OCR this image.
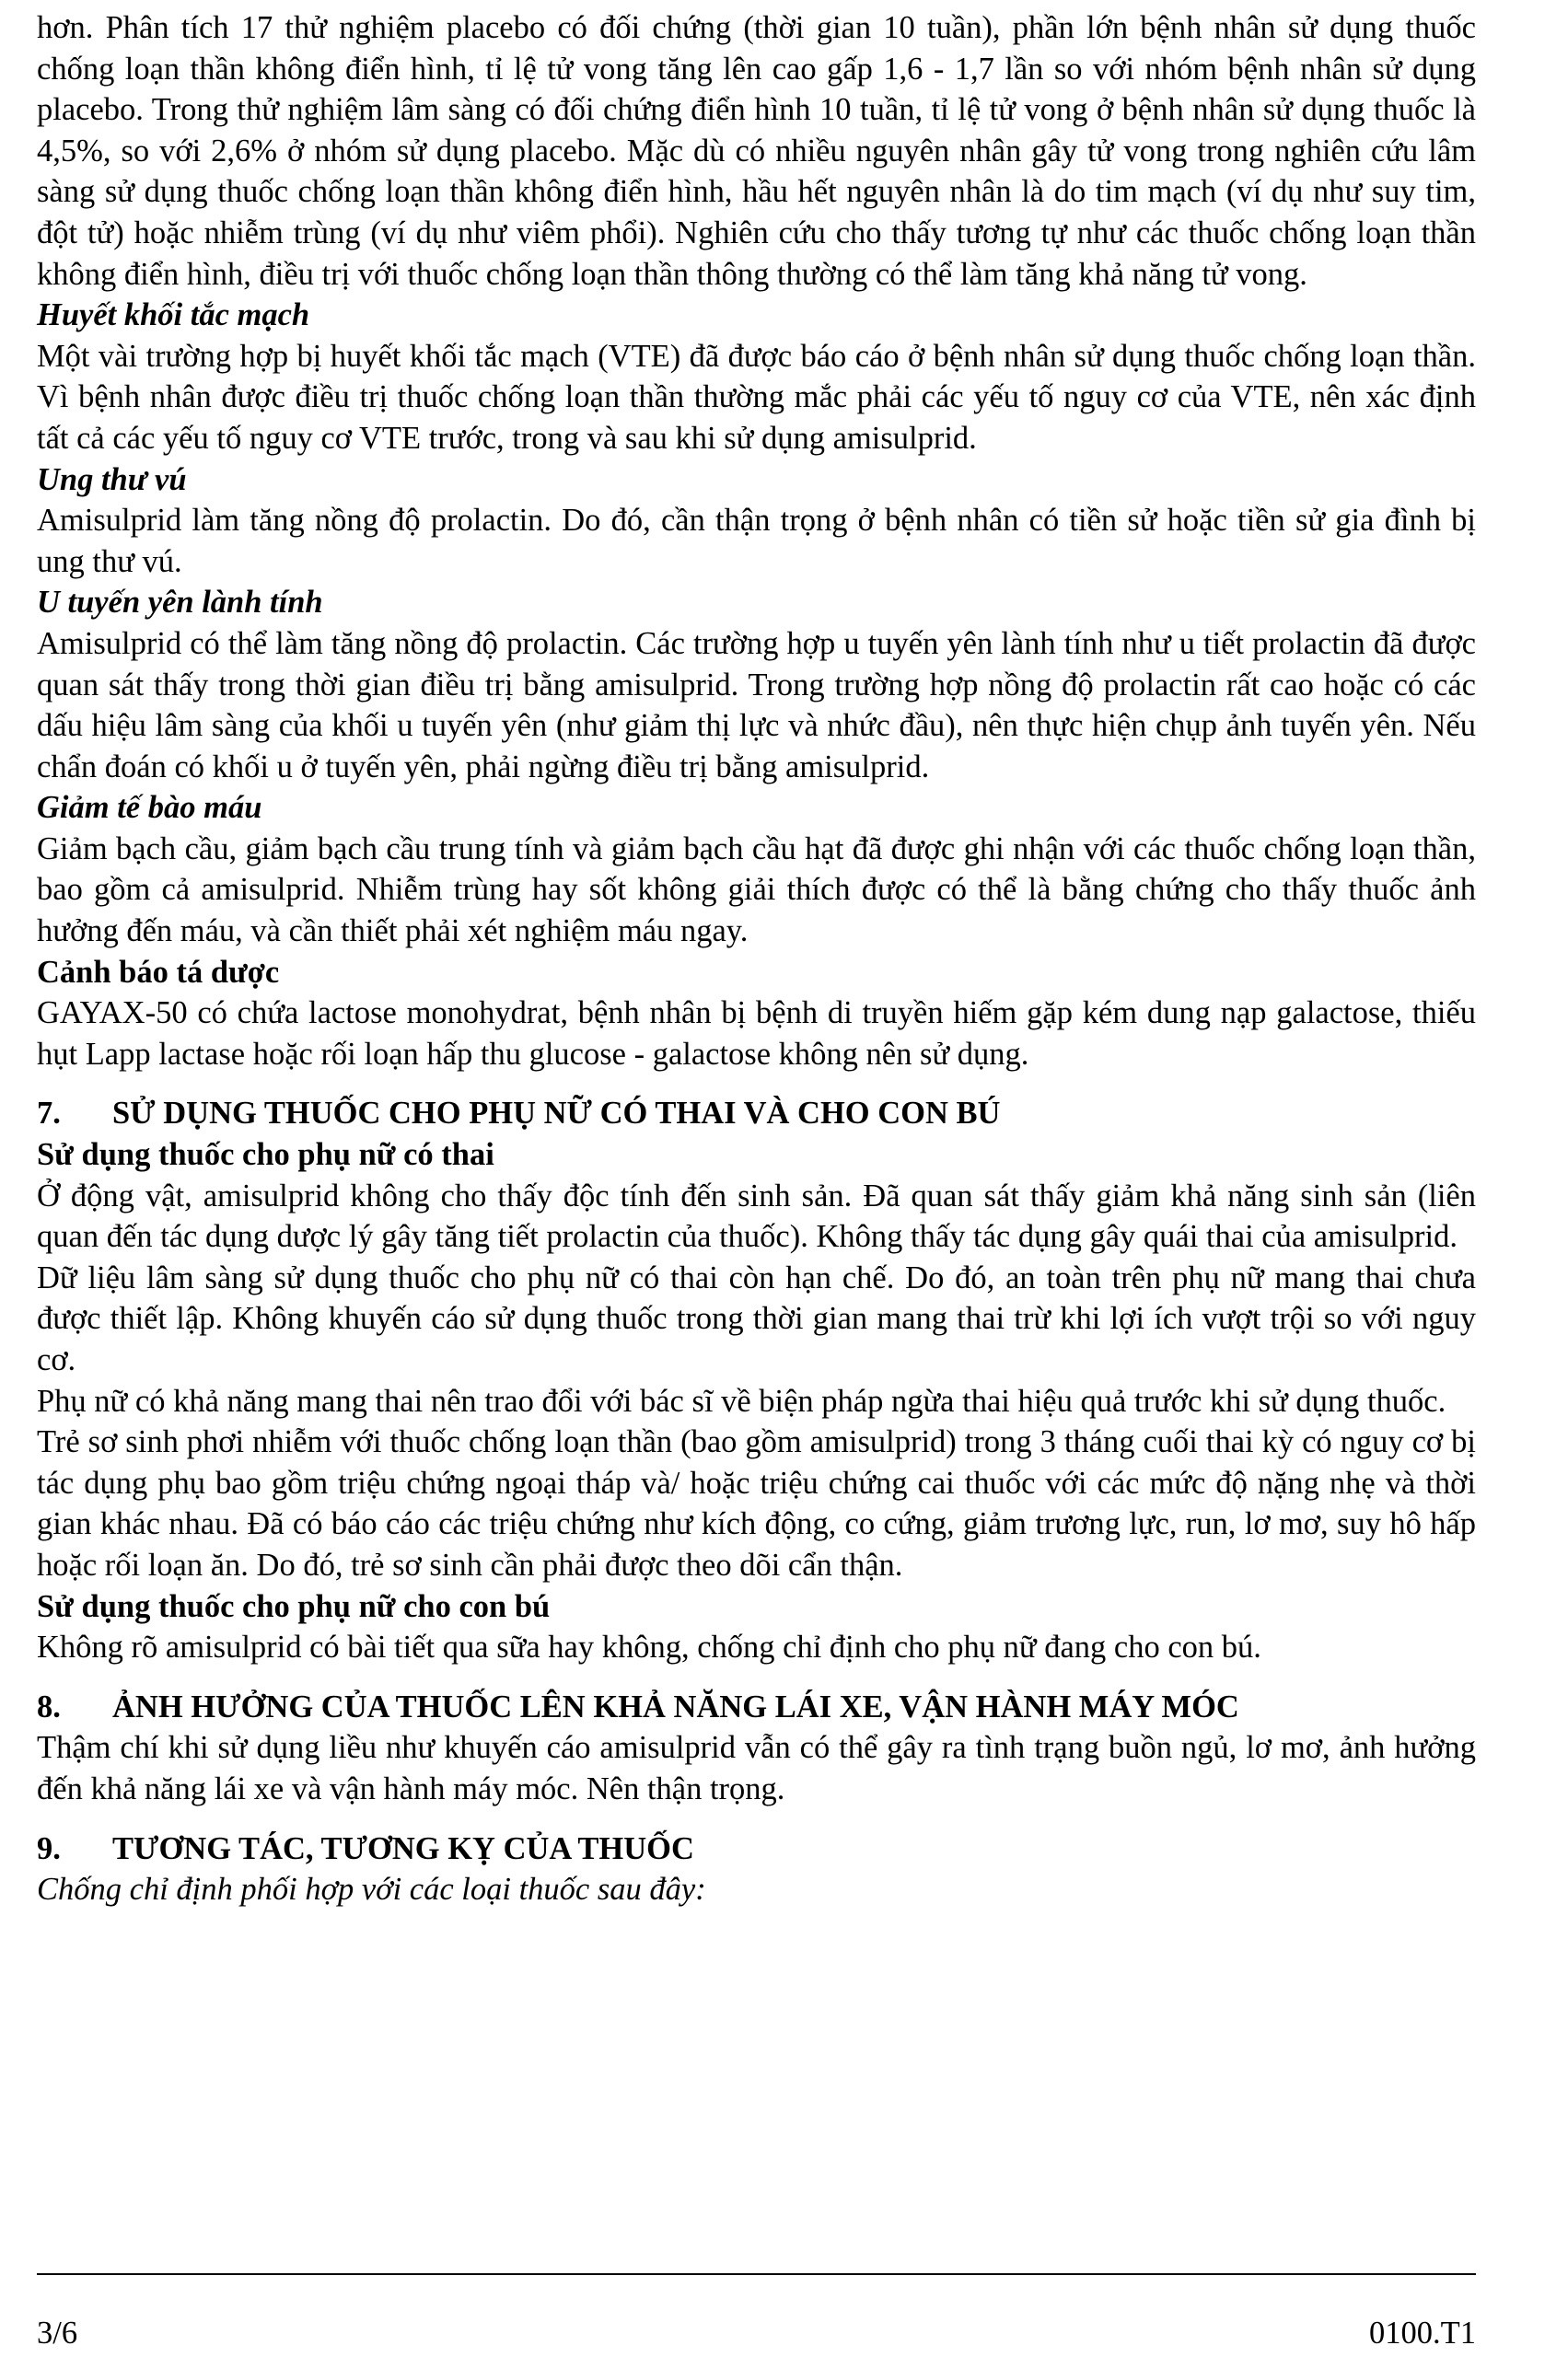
hơn. Phân tích 17 thử nghiệm placebo có đối chứng (thời gian 10 tuần), phần lớn bệnh nhân sử dụng thuốc chống loạn thần không điển hình, tỉ lệ tử vong tăng lên cao gấp 1,6 - 1,7 lần so với nhóm bệnh nhân sử dụng placebo. Trong thử nghiệm lâm sàng có đối chứng điển hình 10 tuần, tỉ lệ tử vong ở bệnh nhân sử dụng thuốc là 4,5%, so với 2,6% ở nhóm sử dụng placebo. Mặc dù có nhiều nguyên nhân gây tử vong trong nghiên cứu lâm sàng sử dụng thuốc chống loạn thần không điển hình, hầu hết nguyên nhân là do tim mạch (ví dụ như suy tim, đột tử) hoặc nhiễm trùng (ví dụ như viêm phổi). Nghiên cứu cho thấy tương tự như các thuốc chống loạn thần không điển hình, điều trị với thuốc chống loạn thần thông thường có thể làm tăng khả năng tử vong.

Huyết khối tắc mạch

Một vài trường hợp bị huyết khối tắc mạch (VTE) đã được báo cáo ở bệnh nhân sử dụng thuốc chống loạn thần. Vì bệnh nhân được điều trị thuốc chống loạn thần thường mắc phải các yếu tố nguy cơ của VTE, nên xác định tất cả các yếu tố nguy cơ VTE trước, trong và sau khi sử dụng amisulprid.

Ung thư vú

Amisulprid làm tăng nồng độ prolactin. Do đó, cần thận trọng ở bệnh nhân có tiền sử hoặc tiền sử gia đình bị ung thư vú.

U tuyến yên lành tính

Amisulprid có thể làm tăng nồng độ prolactin. Các trường hợp u tuyến yên lành tính như u tiết prolactin đã được quan sát thấy trong thời gian điều trị bằng amisulprid. Trong trường hợp nồng độ prolactin rất cao hoặc có các dấu hiệu lâm sàng của khối u tuyến yên (như giảm thị lực và nhức đầu), nên thực hiện chụp ảnh tuyến yên. Nếu chẩn đoán có khối u ở tuyến yên, phải ngừng điều trị bằng amisulprid.

Giảm tế bào máu

Giảm bạch cầu, giảm bạch cầu trung tính và giảm bạch cầu hạt đã được ghi nhận với các thuốc chống loạn thần, bao gồm cả amisulprid. Nhiễm trùng hay sốt không giải thích được có thể là bằng chứng cho thấy thuốc ảnh hưởng đến máu, và cần thiết phải xét nghiệm máu ngay.

Cảnh báo tá dược

GAYAX-50 có chứa lactose monohydrat, bệnh nhân bị bệnh di truyền hiếm gặp kém dung nạp galactose, thiếu hụt Lapp lactase hoặc rối loạn hấp thu glucose - galactose không nên sử dụng.

7.	SỬ DỤNG THUỐC CHO PHỤ NỮ CÓ THAI VÀ CHO CON BÚ

Sử dụng thuốc cho phụ nữ có thai

Ở động vật, amisulprid không cho thấy độc tính đến sinh sản. Đã quan sát thấy giảm khả năng sinh sản (liên quan đến tác dụng dược lý gây tăng tiết prolactin của thuốc). Không thấy tác dụng gây quái thai của amisulprid.

Dữ liệu lâm sàng sử dụng thuốc cho phụ nữ có thai còn hạn chế. Do đó, an toàn trên phụ nữ mang thai chưa được thiết lập. Không khuyến cáo sử dụng thuốc trong thời gian mang thai trừ khi lợi ích vượt trội so với nguy cơ.

Phụ nữ có khả năng mang thai nên trao đổi với bác sĩ về biện pháp ngừa thai hiệu quả trước khi sử dụng thuốc.

Trẻ sơ sinh phơi nhiễm với thuốc chống loạn thần (bao gồm amisulprid) trong 3 tháng cuối thai kỳ có nguy cơ bị tác dụng phụ bao gồm triệu chứng ngoại tháp và/ hoặc triệu chứng cai thuốc với các mức độ nặng nhẹ và thời gian khác nhau. Đã có báo cáo các triệu chứng như kích động, co cứng, giảm trương lực, run, lơ mơ, suy hô hấp hoặc rối loạn ăn. Do đó, trẻ sơ sinh cần phải được theo dõi cẩn thận.

Sử dụng thuốc cho phụ nữ cho con bú

Không rõ amisulprid có bài tiết qua sữa hay không, chống chỉ định cho phụ nữ đang cho con bú.

8.	ẢNH HƯỞNG CỦA THUỐC LÊN KHẢ NĂNG LÁI XE, VẬN HÀNH MÁY MÓC

Thậm chí khi sử dụng liều như khuyến cáo amisulprid vẫn có thể gây ra tình trạng buồn ngủ, lơ mơ, ảnh hưởng đến khả năng lái xe và vận hành máy móc. Nên thận trọng.

9.	TƯƠNG TÁC, TƯƠNG KỴ CỦA THUỐC

Chống chỉ định phối hợp với các loại thuốc sau đây:

3/6	0100.T1
